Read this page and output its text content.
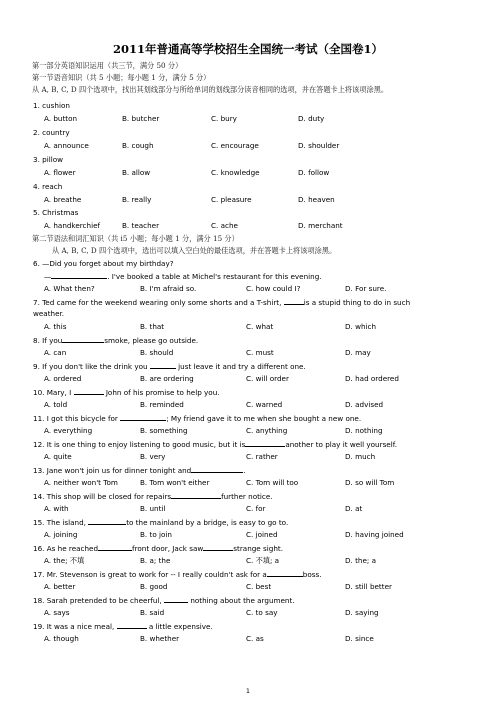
2011年普通高等学校招生全国统一考试（全国卷1）
第一部分英语知识运用（共三节，满分 50 分）
第一节语音知识（共 5 小题；每小题 1 分，满分 5 分）
从 A, B, C, D 四个选项中，找出其划线部分与所给单词的划线部分读音相同的选项，并在答题卡上将该项涂黑。
1. cushion
A. button	B. butcher	C. bury	D. duty
2. country
A. announce	B. cough	C. encourage	D. shoulder
3. pillow
A. flower	B. allow	C. knowledge	D. follow
4. reach
A. breathe	B. really	C. pleasure	D. heaven
5. Christmas
A. handkerchief	B. teacher	C. ache	D. merchant
第二节语法和词汇知识（共 i5 小题；每小题 1 分，满分 15 分）
从 A, B, C, D 四个选项中，选出可以填入空白处的最佳选项，并在答题卡上将该项涂黑。
6. —Did you forget about my birthday?
—	. I've booked a table at Michel's restaurant for this evening.
A. What then?	B. I'm afraid so.	C. how could I?	D. For sure.
7. Ted came for the weekend wearing only some shorts and a T-shirt,	is a stupid thing to do in such
weather.
A. this	B. that	C. what	D. which
8. If you	smoke, please go outside.
A. can	B. should	C. must	D. may
9. If you don't like the drink you	just leave it and try a different one.
A. ordered	B. are ordering	C. will order	D. had ordered
10. Mary, I	John of his promise to help you.
A. told	B. reminded	C. warned	D. advised
11. I got this bicycle for	; My friend gave it to me when she bought a new one.
A. everything	B. something	C. anything	D. nothing
12. It is one thing to enjoy listening to good music, but it is	another to play it well yourself.
A. quite	B. very	C. rather	D. much
13. Jane won't join us for dinner tonight and	.
A. neither won't Tom	B. Tom won't either	C. Tom will too	D. so will Tom
14. This shop will be closed for repairs	further notice.
A. with	B. until	C. for	D. at
15. The island,	to the mainland by a bridge, is easy to go to.
A. joining	B. to join	C. joined	D. having joined
16. As he reached	front door, Jack saw	strange sight.
A. the; 不填	B. a; the	C. 不填; a	D. the; a
17. Mr. Stevenson is great to work for -- I really couldn't ask for a	boss.
A. better	B. good	C. best	D. still better
18. Sarah pretended to be cheerful,	nothing about the argument.
A. says	B. said	C. to say	D. saying
19. It was a nice meal,	a little expensive.
A. though	B. whether	C. as	D. since
1
